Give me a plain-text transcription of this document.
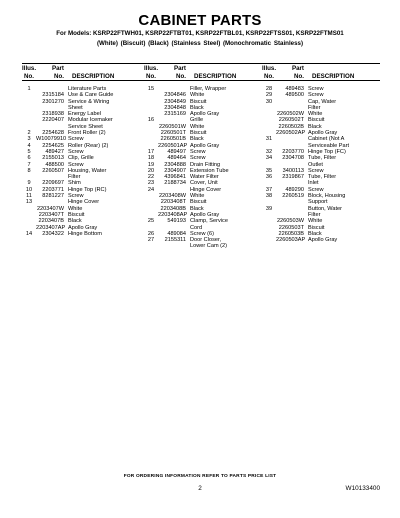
CABINET PARTS
For Models: KSRP22FTWH01, KSRP22FTBT01, KSRP22FTBL01, KSRP22FTSS01, KSRP22FTMS01
(White) (Biscuit) (Black) (Stainless Steel) (Monochromatic Stainless)
Illus.
No.
Part
No.	DESCRIPTION
1	Literature Parts
2315184 Use & Care Guide
2301270 Service & Wiring
Sheet
2318938 Energy Label
2220407 Modular Icemaker
Service Sheet
2	2254628 Front Roller (2)
3 W10079910 Screw
4	2254625 Roller (Rear) (2)
5	489427 Screw
6	2155013 Clip, Grille
7	488500 Screw
8	2260507 Housing, Water
Filter
9	2209697 Shim
10	2203771 Hinge Top (RC)
11	8281227 Screw
13	Hinge Cover
2203407W White
2203407T Biscuit
2203407B Black
2203407AP Apollo Gray
14	2304322 Hinge Bottom
Illus.
No.
Part
No.	DESCRIPTION
15	Filler, Wrapper
2304846 White
2304849 Biscuit
2304848 Black
2315169 Apollo Gray
16	Grille
2260501W White
2260501T Biscuit
2260501B Black
2260501AP Apollo Gray
17	489497 Screw
18	489464 Screw
19	2304888 Drain Fitting
20	2304907 Extension Tube
22	4396841 Water Filter
23	2188734 Cover, Unit
24	Hinge Cover
2203408W White
2203408T Biscuit
2203408B Black
2203408AP Apollo Gray
25	549193 Clamp, Service
Cord
26	489084 Screw (6)
27	2155311 Door Closer,
Lower Cam (2)
Illus.
No.
Part
No.	DESCRIPTION
28	489483 Screw
29	489500 Screw
30	Cap, Water
Filter
2260502W White
2260502T Biscuit
2260502B Black
2260502AP Apollo Gray
31	Cabinet (Not A
Serviceable Part
32	2203770 Hinge Top (FC)
34	2304708 Tube, Filter
Outlet
35	3400113 Screw
36	2319867 Tube, Filter
Inlet
37	489290 Screw
38	2260519 Block, Housing
Support
39	Button, Water
Filter
2260503W White
2260503T Biscuit
2260503B Black
2260503AP Apollo Gray
FOR ORDERING INFORMATION REFER TO PARTS PRICE LIST
2	W10133400
